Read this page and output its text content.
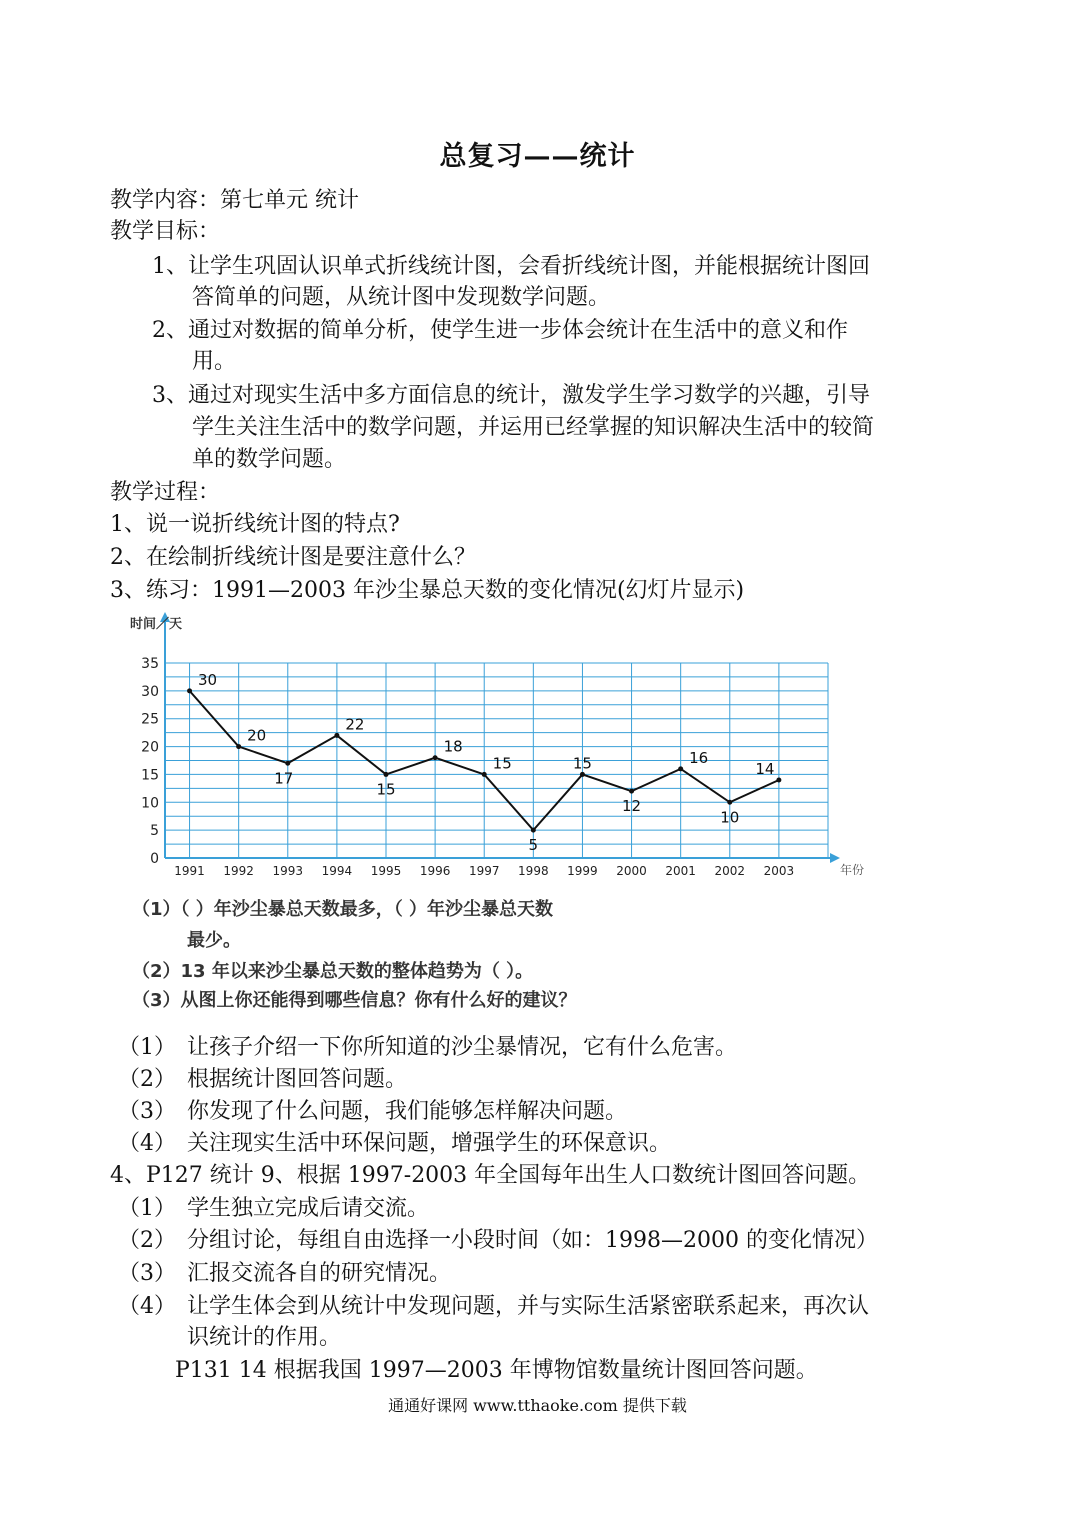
总复习——统计
教学内容：第七单元 统计
教学目标：
1、让学生巩固认识单式折线统计图，会看折线统计图，并能根据统计图回
答简单的问题，从统计图中发现数学问题。
2、通过对数据的简单分析，使学生进一步体会统计在生活中的意义和作
用。
3、通过对现实生活中多方面信息的统计，激发学生学习数学的兴趣，引导
学生关注生活中的数学问题，并运用已经掌握的知识解决生活中的较简
单的数学问题。
教学过程：
1、说一说折线统计图的特点?
2、在绘制折线统计图是要注意什么？
3、练习：1991—2003 年沙尘暴总天数的变化情况(幻灯片显示)
时间／天
年份
0
5
10
15
20
25
30
35
1991 1992 1993 1994 1995 1996 1997 1998 1999 2000 2001 2002 2003
30
20
17
22
15
18
15
5
15
12
16
10
14
（1）（ ）年沙尘暴总天数最多，（ ）年沙尘暴总天数
最少。
（2）13 年以来沙尘暴总天数的整体趋势为（ ）。
（3）从图上你还能得到哪些信息？你有什么好的建议？
（1） 让孩子介绍一下你所知道的沙尘暴情况，它有什么危害。
（2） 根据统计图回答问题。
（3） 你发现了什么问题，我们能够怎样解决问题。
（4） 关注现实生活中环保问题，增强学生的环保意识。
4、P127 统计 9、根据 1997-2003 年全国每年出生人口数统计图回答问题。
（1） 学生独立完成后请交流。
（2） 分组讨论，每组自由选择一小段时间（如：1998—2000 的变化情况）
（3） 汇报交流各自的研究情况。
（4） 让学生体会到从统计中发现问题，并与实际生活紧密联系起来，再次认
识统计的作用。
P131 14 根据我国 1997—2003 年博物馆数量统计图回答问题。
通通好课网 www.tthaoke.com 提供下载
